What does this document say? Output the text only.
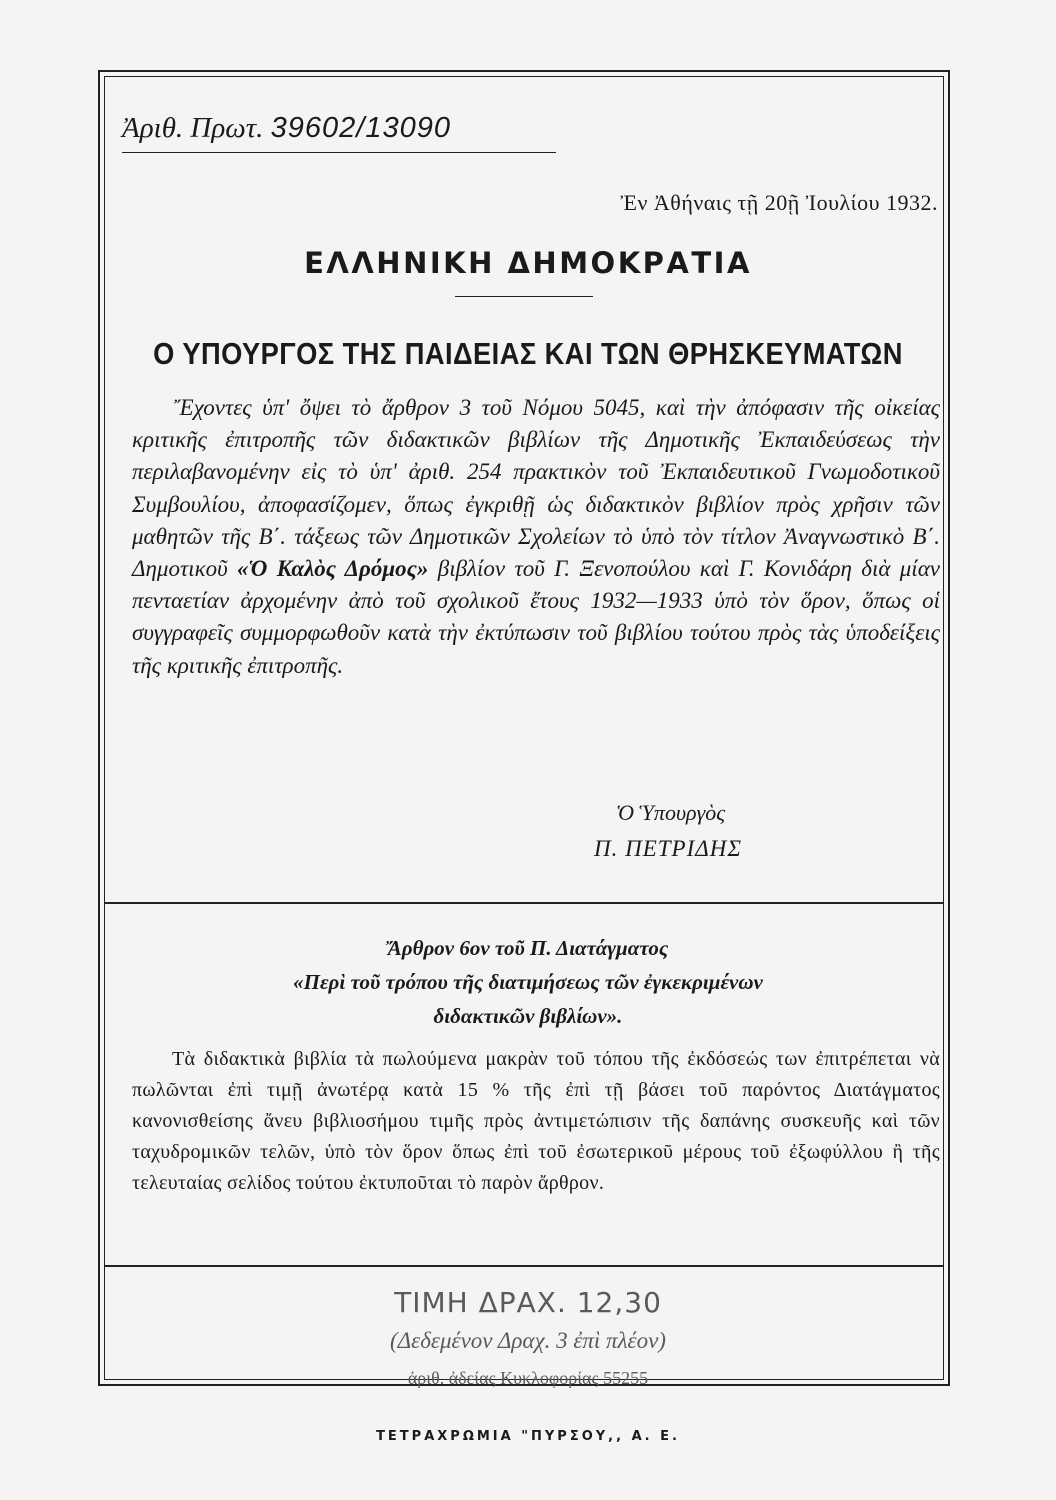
Ἀριθ. Πρωτ. 39602/13090

Ἐν Ἀθήναις τῇ 20ῇ Ἰουλίου 1932.

ΕΛΛΗΝΙΚΗ ΔΗΜΟΚΡΑΤΙΑ
Ο ΥΠΟΥΡΓΟΣ ΤΗΣ ΠΑΙΔΕΙΑΣ ΚΑΙ ΤΩΝ ΘΡΗΣΚΕΥΜΑΤΩΝ

Ἔχοντες ὑπ' ὄψει τὸ ἄρθρον 3 τοῦ Νόμου 5045, καὶ τὴν ἀπόφασιν τῆς οἰκείας κριτικῆς ἐπιτροπῆς τῶν διδακτικῶν βιβλίων τῆς Δημοτικῆς Ἐκπαιδεύσεως τὴν περιλαβανομένην εἰς τὸ ὑπ' ἀριθ. 254 πρακτικὸν τοῦ Ἐκπαιδευτικοῦ Γνωμοδοτικοῦ Συμβουλίου, ἀποφασίζομεν, ὅπως ἐγκριθῇ ὡς διδακτικὸν βιβλίον πρὸς χρῆσιν τῶν μαθητῶν τῆς Β΄. τάξεως τῶν Δημοτικῶν Σχολείων τὸ ὑπὸ τὸν τίτλον Ἀναγνωστικὸ Β΄. Δημοτικοῦ «Ὁ Καλὸς Δρόμος» βιβλίον τοῦ Γ. Ξενοπούλου καὶ Γ. Κονιδάρη διὰ μίαν πενταετίαν ἀρχομένην ἀπὸ τοῦ σχολικοῦ ἔτους 1932—1933 ὑπὸ τὸν ὅρον, ὅπως οἱ συγγραφεῖς συμμορφωθοῦν κατὰ τὴν ἐκτύπωσιν τοῦ βιβλίου τούτου πρὸς τὰς ὑποδείξεις τῆς κριτικῆς ἐπιτροπῆς.

Ὁ Ὑπουργὸς

Π. ΠΕΤΡΙΔΗΣ

Ἄρθρον 6ον τοῦ Π. Διατάγματος

«Περὶ τοῦ τρόπου τῆς διατιμήσεως τῶν ἐγκεκριμένων

διδακτικῶν βιβλίων».

Τὰ διδακτικὰ βιβλία τὰ πωλούμενα μακρὰν τοῦ τόπου τῆς ἐκδόσεώς των ἐπιτρέπεται νὰ πωλῶνται ἐπὶ τιμῇ ἀνωτέρᾳ κατὰ 15 % τῆς ἐπὶ τῇ βάσει τοῦ παρόντος Διατάγματος κανονισθείσης ἄνευ βιβλιοσήμου τιμῆς πρὸς ἀντιμετώπισιν τῆς δαπάνης συσκευῆς καὶ τῶν ταχυδρομικῶν τελῶν, ὑπὸ τὸν ὅρον ὅπως ἐπὶ τοῦ ἐσωτερικοῦ μέρους τοῦ ἐξωφύλλου ἢ τῆς τελευταίας σελίδος τούτου ἐκτυποῦται τὸ παρὸν ἄρθρον.

ΤΙΜΗ ΔΡΑΧ. 12,30

(Δεδεμένον Δραχ. 3 ἐπὶ πλέον)

ἀριθ. ἀδείας Κυκλοφορίας 55255

ΤΕΤΡΑΧΡΩΜΙΑ "ΠΥΡΣΟΥ,, Α. Ε.
